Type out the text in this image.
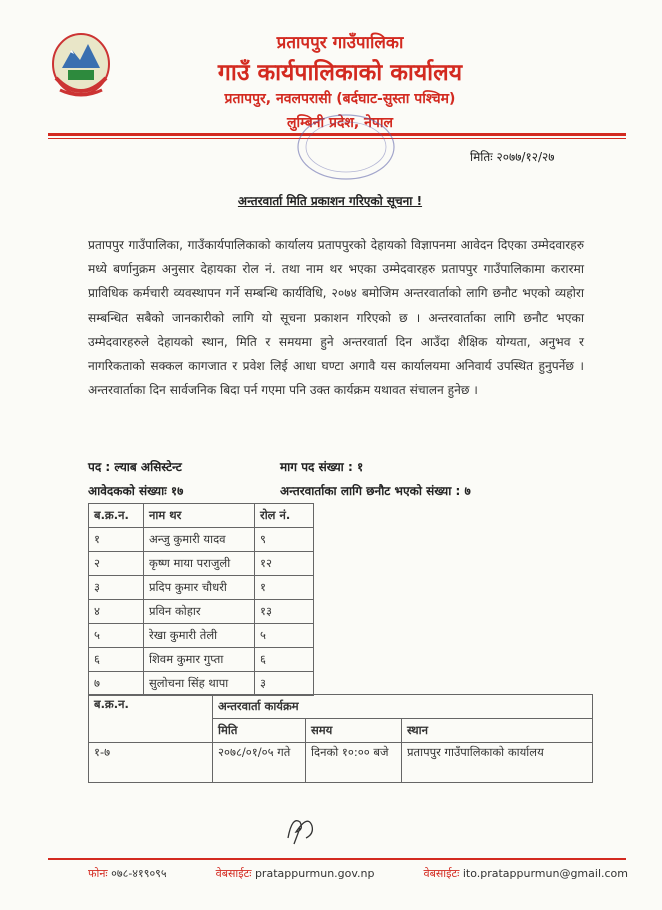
प्रतापपुर गाउँपालिका
गाउँ कार्यपालिकाको कार्यालय
प्रतापपुर, नवलपरासी (बर्दघाट-सुस्ता पश्चिम)
लुम्बिनी प्रदेश, नेपाल
मितिः २०७७/१२/२७
अन्तरवार्ता मिति प्रकाशन गरिएको सूचना !
प्रतापपुर गाउँपालिका, गाउँकार्यपालिकाको कार्यालय प्रतापपुरको देहायको विज्ञापनमा आवेदन दिएका उम्मेदवारहरु मध्ये बर्णानुक्रम अनुसार देहायका रोल नं. तथा नाम थर भएका उम्मेदवारहरु प्रतापपुर गाउँपालिकामा करारमा प्राविधिक कर्मचारी व्यवस्थापन गर्ने सम्बन्धि कार्यविधि, २०७४ बमोजिम अन्तरवार्ताको लागि छनौट भएको व्यहोरा सम्बन्धित सबैको जानकारीको लागि यो सूचना प्रकाशन गरिएको छ । अन्तरवार्ताका लागि छनौट भएका उम्मेदवारहरुले देहायको स्थान, मिति र समयमा हुने अन्तरवार्ता दिन आउँदा शैक्षिक योग्यता, अनुभव र नागरिकताको सक्कल कागजात र प्रवेश लिई आधा घण्टा अगावै यस कार्यालयमा अनिवार्य उपस्थित हुनुपर्नेछ । अन्तरवार्ताका दिन सार्वजनिक बिदा पर्न गएमा पनि उक्त कार्यक्रम यथावत संचालन हुनेछ ।
पद : ल्याब असिस्टेन्ट	माग पद संख्या : १
आवेदकको संख्याः १७	अन्तरवार्ताका लागि छनौट भएको संख्या : ७
ब.क्र.न.	नाम थर	रोल नं.
१	अन्जु कुमारी यादव	९
२	कृष्ण माया पराजुली	१२
३	प्रदिप कुमार चौधरी	१
४	प्रविन कोहार	१३
५	रेखा कुमारी तेली	५
६	शिवम कुमार गुप्ता	६
७	सुलोचना सिंह थापा	३
ब.क्र.न.	अन्तरवार्ता कार्यक्रम		
	मिति	समय	स्थान
१-७	२०७८/०१/०५ गते	दिनको १०:०० बजे	प्रतापपुर गाउँपालिकाको कार्यालय
फोनः ०७८-४१९०९५	वेबसाईटः pratappurmun.gov.np	वेबसाईटः ito.pratappurmun@gmail.com
